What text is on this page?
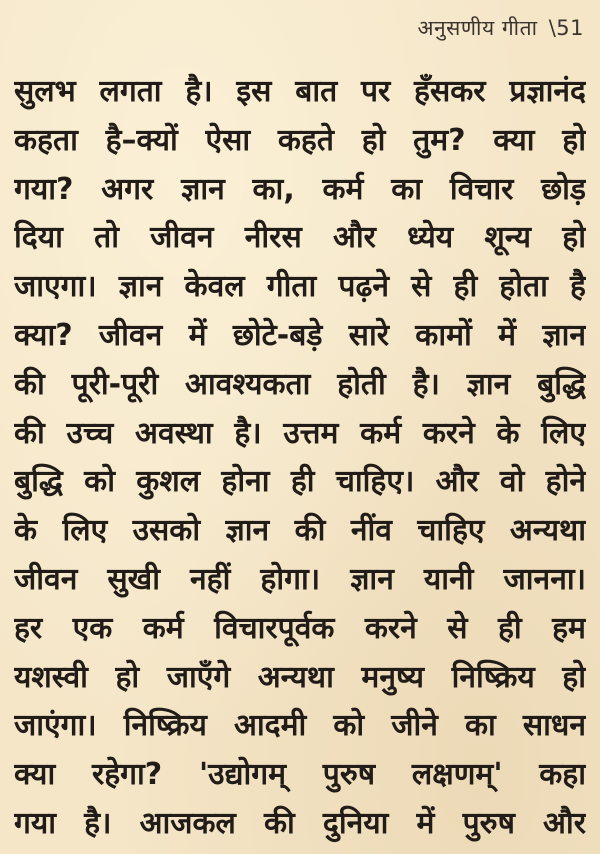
अनुसणीय गीता \51
सुलभ लगता है। इस बात पर हँसकर प्रज्ञानंद
कहता है–क्यों ऐसा कहते हो तुम? क्या हो
गया? अगर ज्ञान का, कर्म का विचार छोड़
दिया तो जीवन नीरस और ध्येय शून्य हो
जाएगा। ज्ञान केवल गीता पढ़ने से ही होता है
क्या? जीवन में छोटे-बड़े सारे कामों में ज्ञान
की पूरी-पूरी आवश्यकता होती है। ज्ञान बुद्धि
की उच्च अवस्था है। उत्तम कर्म करने के लिए
बुद्धि को कुशल होना ही चाहिए। और वो होने
के लिए उसको ज्ञान की नींव चाहिए अन्यथा
जीवन सुखी नहीं होगा। ज्ञान यानी जानना।
हर एक कर्म विचारपूर्वक करने से ही हम
यशस्वी हो जाएँगे अन्यथा मनुष्य निष्क्रिय हो
जाएंगा। निष्क्रिय आदमी को जीने का साधन
क्या रहेगा? 'उद्योगम् पुरुष लक्षणम्' कहा
गया है। आजकल की दुनिया में पुरुष और
